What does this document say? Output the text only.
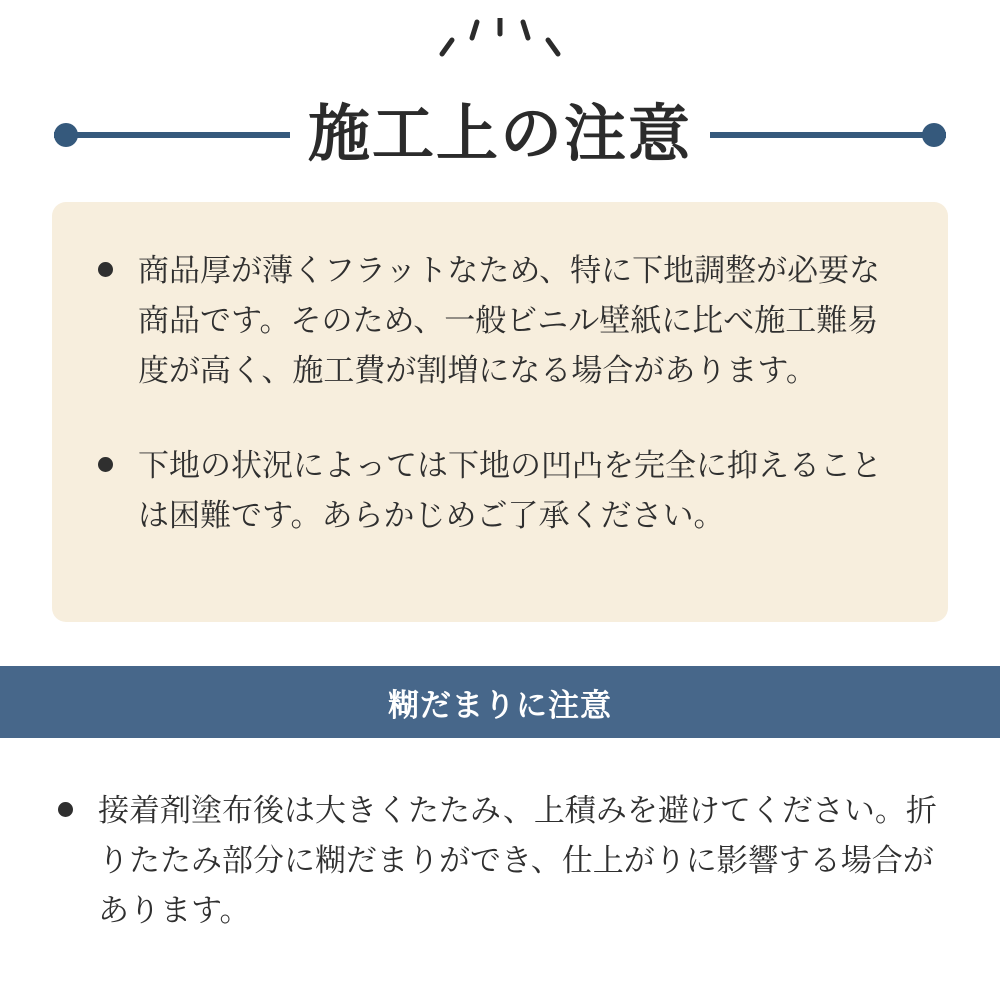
施工上の注意
商品厚が薄くフラットなため、特に下地調整が必要な商品です。そのため、一般ビニル壁紙に比べ施工難易度が高く、施工費が割増になる場合があります。
下地の状況によっては下地の凹凸を完全に抑えることは困難です。あらかじめご了承ください。
糊だまりに注意
接着剤塗布後は大きくたたみ、上積みを避けてください。折りたたみ部分に糊だまりができ、仕上がりに影響する場合があります。
